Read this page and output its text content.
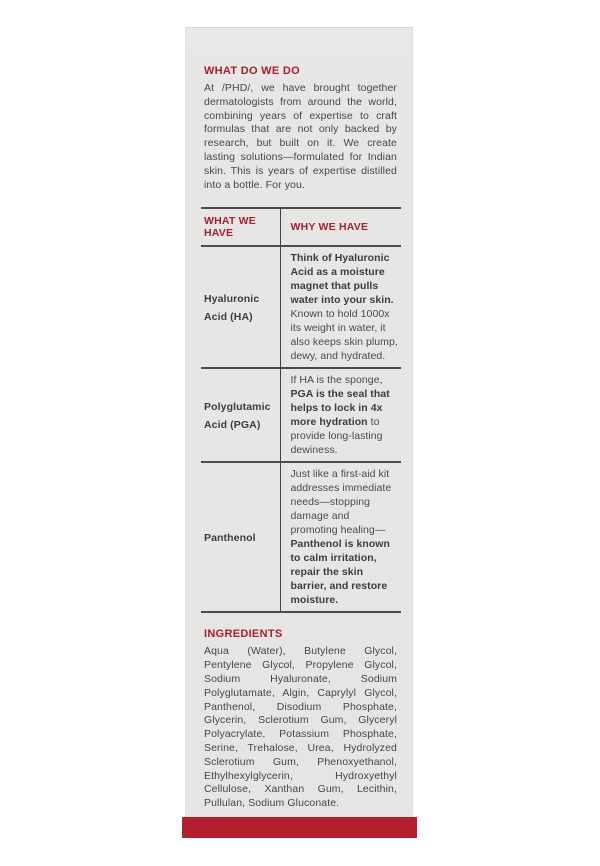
WHAT DO WE DO

At /PHD/, we have brought together dermatologists from around the world, combining years of expertise to craft formulas that are not only backed by research, but built on it. We create lasting solutions—formulated for Indian skin. This is years of expertise distilled into a bottle. For you.

WHAT WE HAVE	WHY WE HAVE
Hyaluronic Acid (HA)	Think of Hyaluronic Acid as a moisture magnet that pulls water into your skin. Known to hold 1000x its weight in water, it also keeps skin plump, dewy, and hydrated.
Polyglutamic Acid (PGA)	If HA is the sponge, PGA is the seal that helps to lock in 4x more hydration to provide long-lasting dewiness.
Panthenol	Just like a first-aid kit addresses immediate needs—stopping damage and promoting healing— Panthenol is known to calm irritation, repair the skin barrier, and restore moisture.
INGREDIENTS

Aqua (Water), Butylene Glycol, Pentylene Glycol, Propylene Glycol, Sodium Hyaluronate, Sodium Polyglutamate, Algin, Caprylyl Glycol, Panthenol, Disodium Phosphate, Glycerin, Sclerotium Gum, Glyceryl Polyacrylate, Potassium Phosphate, Serine, Trehalose, Urea, Hydrolyzed Sclerotium Gum, Phenoxyethanol, Ethylhexylglycerin, Hydroxyethyl Cellulose, Xanthan Gum, Lecithin, Pullulan, Sodium Gluconate.
